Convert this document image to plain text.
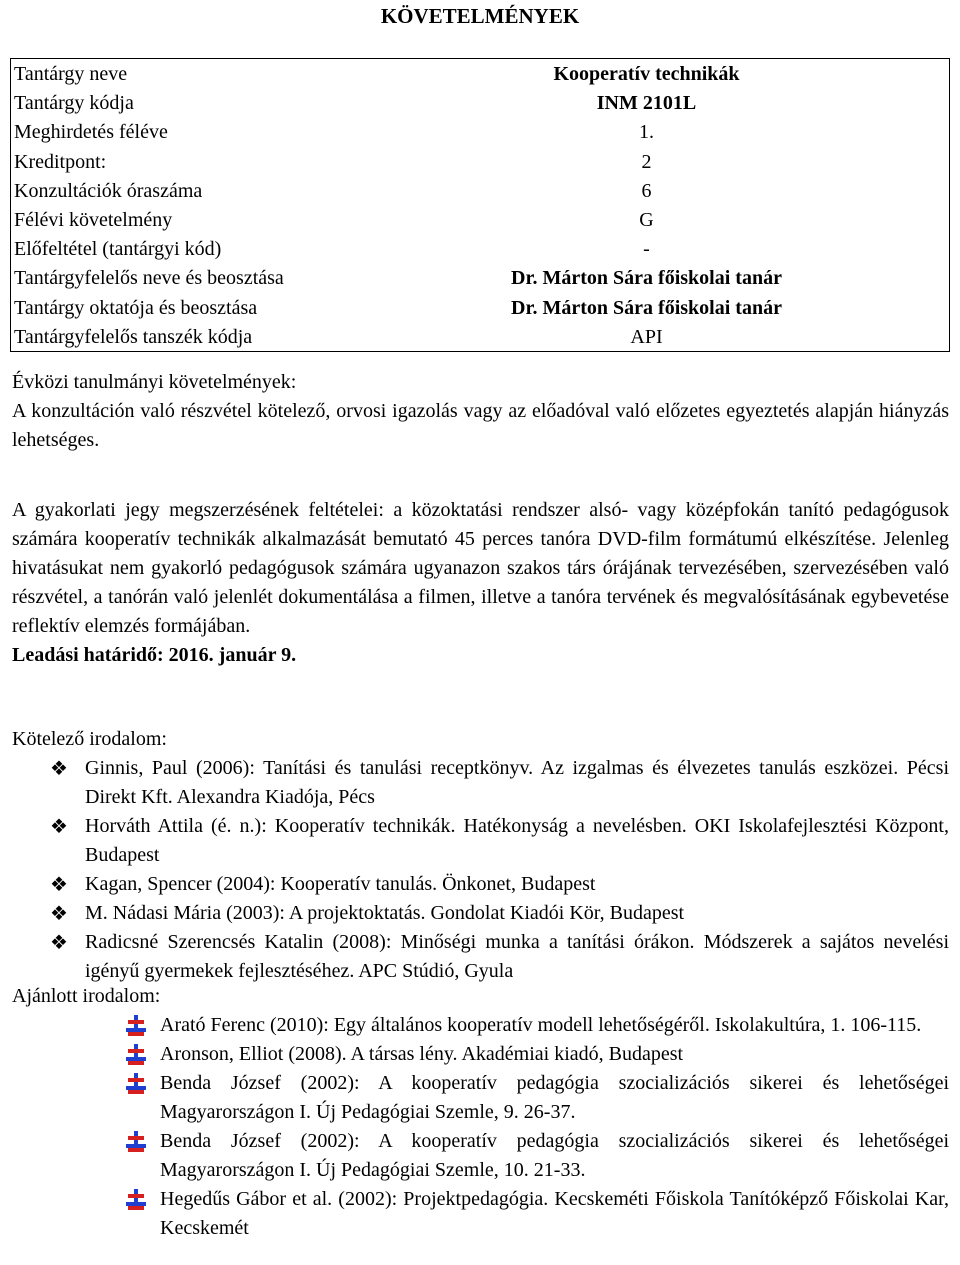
KÖVETELMÉNYEK
Tantárgy neve	Kooperatív technikák
Tantárgy kódja	INM 2101L
Meghirdetés féléve	1.
Kreditpont:	2
Konzultációk óraszáma	6
Félévi követelmény	G
Előfeltétel (tantárgyi kód)	-
Tantárgyfelelős neve és beosztása	Dr. Márton Sára főiskolai tanár
Tantárgy oktatója és beosztása	Dr. Márton Sára főiskolai tanár
Tantárgyfelelős tanszék kódja	API
Évközi tanulmányi követelmények:
A konzultáción való részvétel kötelező, orvosi igazolás vagy az előadóval való előzetes egyeztetés alapján hiányzás lehetséges.
A gyakorlati jegy megszerzésének feltételei: a közoktatási rendszer alsó- vagy középfokán tanító pedagógusok számára kooperatív technikák alkalmazását bemutató 45 perces tanóra DVD-film formátumú elkészítése. Jelenleg hivatásukat nem gyakorló pedagógusok számára ugyanazon szakos társ órájának tervezésében, szervezésében való részvétel, a tanórán való jelenlét dokumentálása a filmen, illetve a tanóra tervének és megvalósításának egybevetése reflektív elemzés formájában.
Leadási határidő: 2016. január 9.
Kötelező irodalom:
❖ Ginnis, Paul (2006): Tanítási és tanulási receptkönyv. Az izgalmas és élvezetes tanulás eszközei. Pécsi Direkt Kft. Alexandra Kiadója, Pécs
❖ Horváth Attila (é. n.): Kooperatív technikák. Hatékonyság a nevelésben. OKI Iskolafejlesztési Központ, Budapest
❖ Kagan, Spencer (2004): Kooperatív tanulás. Önkonet, Budapest
❖ M. Nádasi Mária (2003): A projektoktatás. Gondolat Kiadói Kör, Budapest
❖ Radicsné Szerencsés Katalin (2008): Minőségi munka a tanítási órákon. Módszerek a sajátos nevelési igényű gyermekek fejlesztéséhez. APC Stúdió, Gyula
Ajánlott irodalom:
Arató Ferenc (2010): Egy általános kooperatív modell lehetőségéről. Iskolakultúra, 1. 106-115.
Aronson, Elliot (2008). A társas lény. Akadémiai kiadó, Budapest
Benda József (2002): A kooperatív pedagógia szocializációs sikerei és lehetőségei Magyarországon I. Új Pedagógiai Szemle, 9. 26-37.
Benda József (2002): A kooperatív pedagógia szocializációs sikerei és lehetőségei Magyarországon I. Új Pedagógiai Szemle, 10. 21-33.
Hegedűs Gábor et al. (2002): Projektpedagógia. Kecskeméti Főiskola Tanítóképző Főiskolai Kar, Kecskemét
